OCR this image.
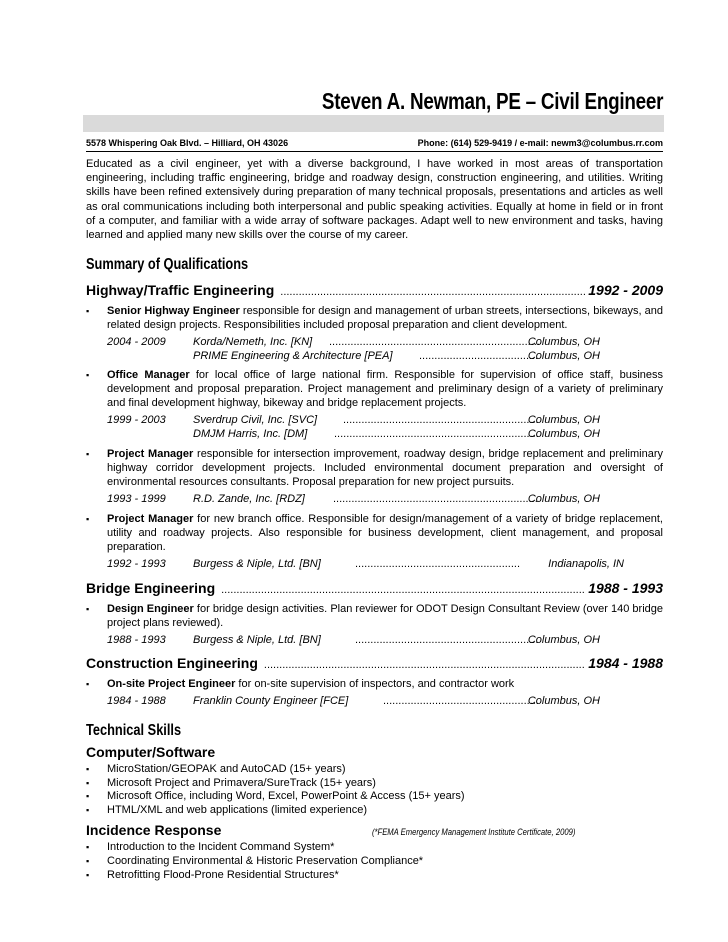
Steven A. Newman, PE – Civil Engineer
5578 Whispering Oak Blvd. – Hilliard, OH 43026	Phone: (614) 529-9419 / e-mail: newm3@columbus.rr.com

Educated as a civil engineer, yet with a diverse background, I have worked in most areas of transportation engineering, including traffic engineering, bridge and roadway design, construction engineering, and utilities. Writing skills have been refined extensively during preparation of many technical proposals, presentations and articles as well as oral communications including both interpersonal and public speaking activities. Equally at home in field or in front of a computer, and familiar with a wide array of software packages. Adapt well to new environment and tasks, having learned and applied many new skills over the course of my career.

Summary of Qualifications
Highway/Traffic Engineering .....	1992 - 2009
▪ Senior Highway Engineer responsible for design and management of urban streets, intersections, bikeways, and related design projects. Responsibilities included proposal preparation and client development.

2004 - 2009 Korda/Nemeth, Inc. [KN] .....	Columbus, OH
PRIME Engineering & Architecture [PEA] .....	Columbus, OH
▪ Office Manager for local office of large national firm. Responsible for supervision of office staff, business development and proposal preparation. Project management and preliminary design of a variety of preliminary and final development highway, bikeway and bridge replacement projects.

1999 - 2003 Sverdrup Civil, Inc. [SVC] .....	Columbus, OH
DMJM Harris, Inc. [DM] .....	Columbus, OH
▪ Project Manager responsible for intersection improvement, roadway design, bridge replacement and preliminary highway corridor development projects. Included environmental document preparation and oversight of environmental resources consultants. Proposal preparation for new project pursuits.

1993 - 1999 R.D. Zande, Inc. [RDZ] .....	Columbus, OH
▪ Project Manager for new branch office. Responsible for design/management of a variety of bridge replacement, utility and roadway projects. Also responsible for business development, client management, and proposal preparation.

1992 - 1993 Burgess & Niple, Ltd. [BN] .....	Indianapolis, IN
Bridge Engineering .....	1988 - 1993
▪ Design Engineer for bridge design activities. Plan reviewer for ODOT Design Consultant Review (over 140 bridge project plans reviewed).

1988 - 1993 Burgess & Niple, Ltd. [BN] .....	Columbus, OH
Construction Engineering .....	1984 - 1988
▪ On-site Project Engineer for on-site supervision of inspectors, and contractor work

1984 - 1988 Franklin County Engineer [FCE] .....	Columbus, OH
Technical Skills
Computer/Software
▪ MicroStation/GEOPAK and AutoCAD (15+ years)
▪ Microsoft Project and Primavera/SureTrack (15+ years)
▪ Microsoft Office, including Word, Excel, PowerPoint & Access (15+ years)
▪ HTML/XML and web applications (limited experience)
Incidence Response	(*FEMA Emergency Management Institute Certificate, 2009)
▪ Introduction to the Incident Command System*
▪ Coordinating Environmental & Historic Preservation Compliance*
▪ Retrofitting Flood-Prone Residential Structures*
